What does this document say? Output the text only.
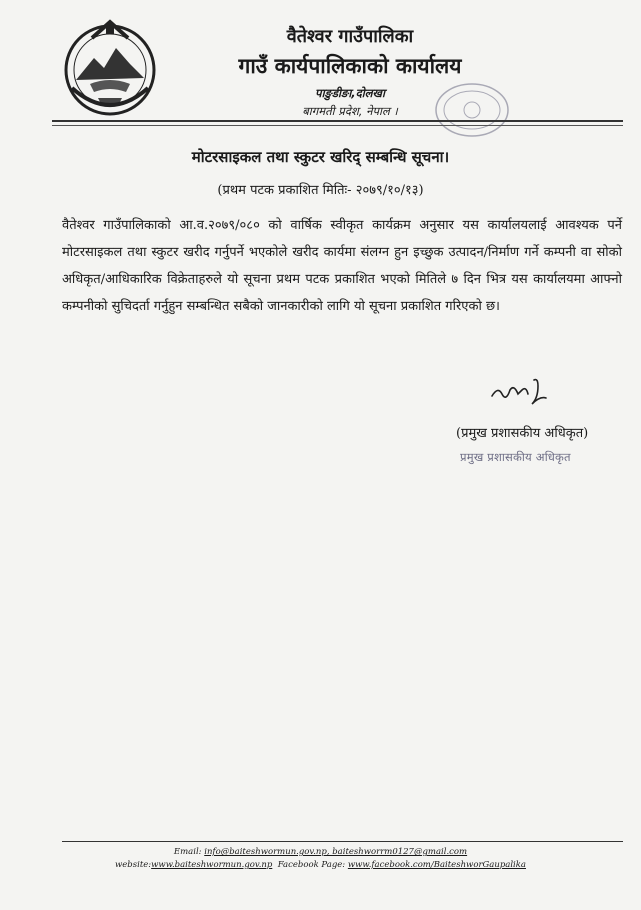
वैतेश्वर गाउँपालिका
गाउँ कार्यपालिकाको कार्यालय
पाङुडीङा,दोलखा
बागमती प्रदेश, नेपाल ।
मोटरसाइकल तथा स्कुटर खरिद् सम्बन्धि सूचना।
(प्रथम पटक प्रकाशित मितिः- २०७९/१०/१३)
वैतेश्वर गाउँपालिकाको आ.व.२०७९/०८० को वार्षिक स्वीकृत कार्यक्रम अनुसार यस कार्यालयलाई आवश्यक पर्ने मोटरसाइकल तथा स्कुटर खरीद गर्नुपर्ने भएकोले खरीद कार्यमा संलग्न हुन इच्छुक उत्पादन/निर्माण गर्ने कम्पनी वा सोको अधिकृत/आधिकारिक विक्रेताहरुले यो सूचना प्रथम पटक प्रकाशित भएको मितिले ७ दिन भित्र यस कार्यालयमा आफ्नो कम्पनीको सुचिदर्ता गर्नुहुन सम्बन्धित सबैको जानकारीको लागि यो सूचना प्रकाशित गरिएको छ।
(प्रमुख प्रशासकीय अधिकृत)
प्रमुख प्रशासकीय अधिकृत
Email: info@baiteshwormun.gov.np, baiteshworrm0127@gmail.com
website:www.baiteshwormun.gov.np Facebook Page: www.facebook.com/BaiteshworGaupalika
